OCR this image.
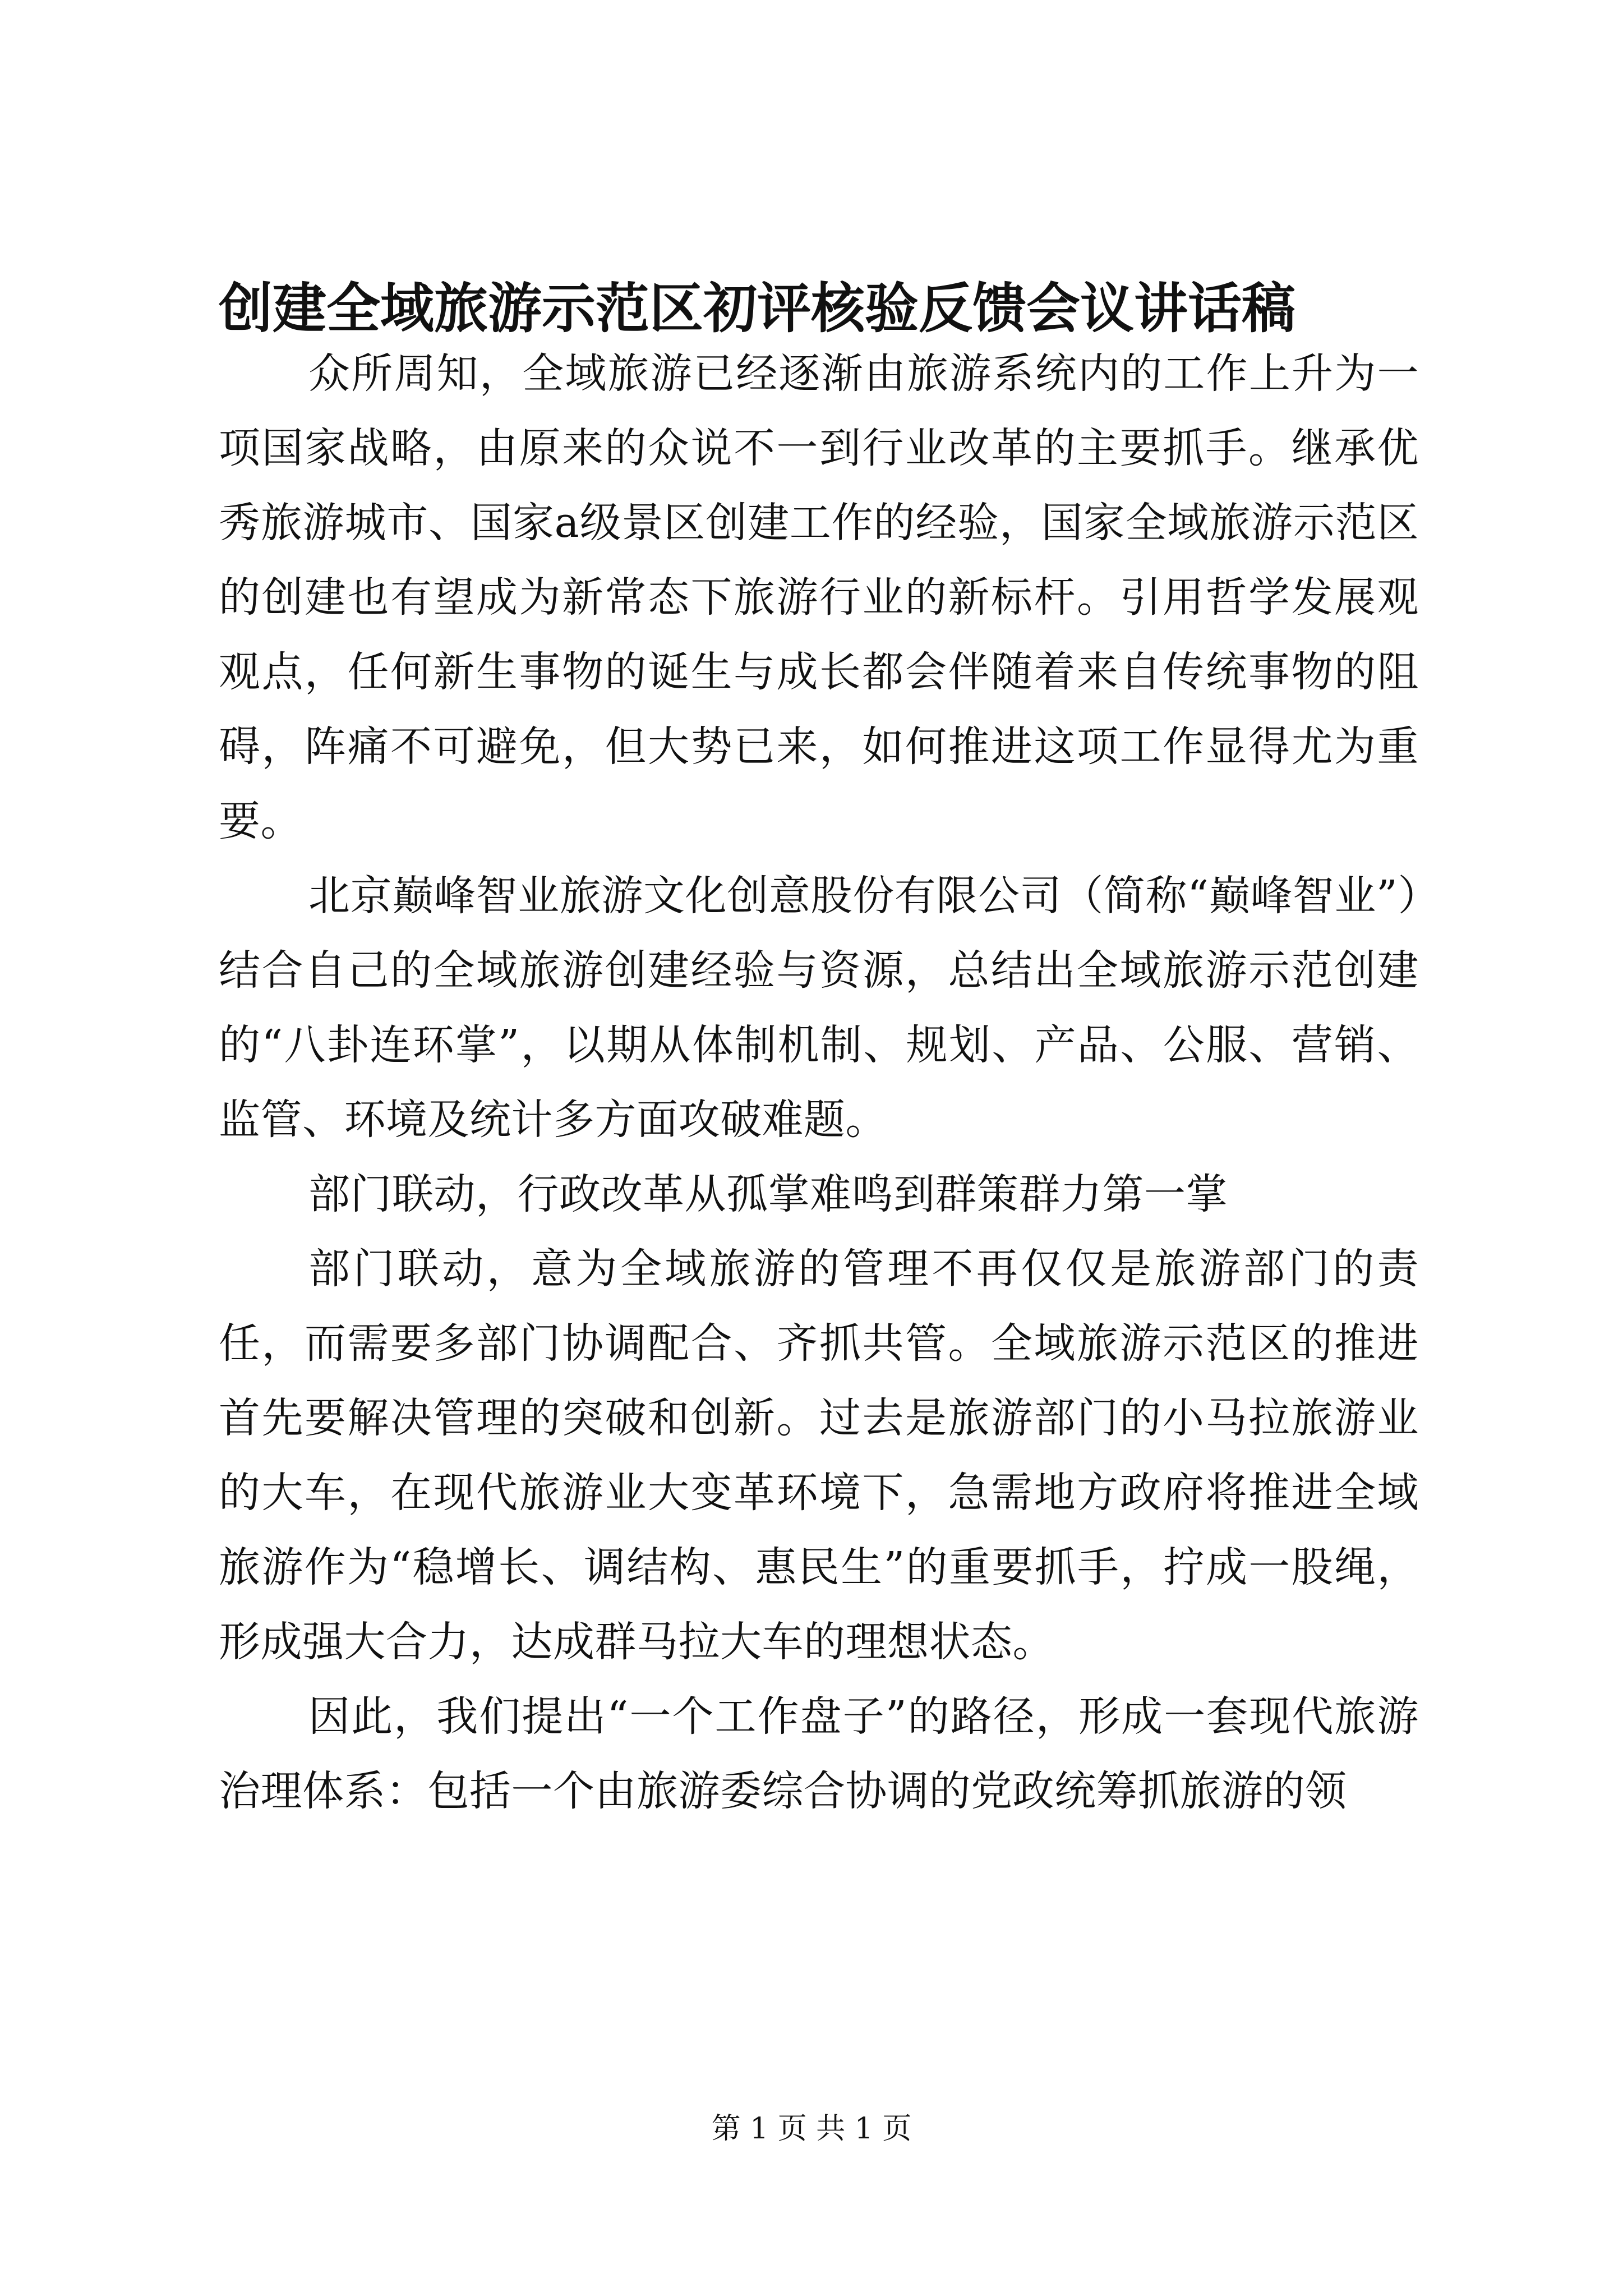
创建全域旅游示范区初评核验反馈会议讲话稿

众所周知，全域旅游已经逐渐由旅游系统内的工作上升为一项国家战略，由原来的众说不一到行业改革的主要抓手。继承优秀旅游城市、国家a级景区创建工作的经验，国家全域旅游示范区的创建也有望成为新常态下旅游行业的新标杆。引用哲学发展观观点，任何新生事物的诞生与成长都会伴随着来自传统事物的阻碍，阵痛不可避免，但大势已来，如何推进这项工作显得尤为重要。

北京巅峰智业旅游文化创意股份有限公司（简称“巅峰智业”）结合自己的全域旅游创建经验与资源，总结出全域旅游示范创建的“八卦连环掌”，以期从体制机制、规划、产品、公服、营销、监管、环境及统计多方面攻破难题。

部门联动，行政改革从孤掌难鸣到群策群力第一掌

部门联动，意为全域旅游的管理不再仅仅是旅游部门的责任，而需要多部门协调配合、齐抓共管。全域旅游示范区的推进首先要解决管理的突破和创新。过去是旅游部门的小马拉旅游业的大车，在现代旅游业大变革环境下，急需地方政府将推进全域旅游作为“稳增长、调结构、惠民生”的重要抓手，拧成一股绳，形成强大合力，达成群马拉大车的理想状态。

因此，我们提出“一个工作盘子”的路径，形成一套现代旅游治理体系：包括一个由旅游委综合协调的党政统筹抓旅游的领

第 1 页 共 1 页
